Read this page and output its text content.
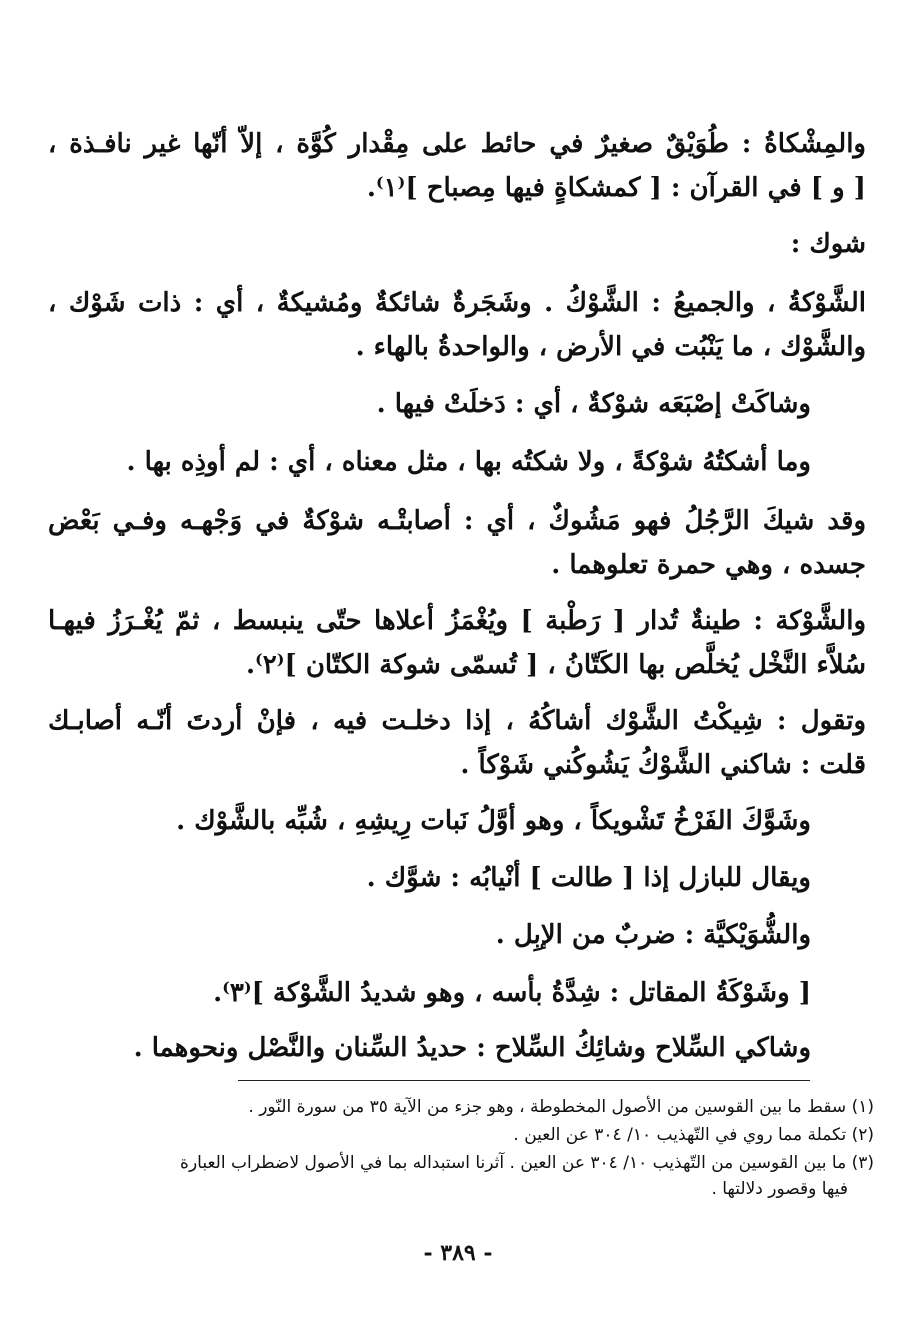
والمِشْكاةُ : طُوَيْقٌ صغيرٌ في حائط على مِقْدار كُوَّة ، إلاّ أنّها غير نافـذة ،
[ و ] في القرآن : [ كمشكاةٍ فيها مِصباح ]⁽١⁾.
شوك :
الشَّوْكةُ ، والجميعُ : الشَّوْكُ . وشَجَرةٌ شائكةٌ ومُشيكةٌ ، أي : ذات شَوْك ،
والشَّوْك ، ما يَنْبُت في الأرض ، والواحدةُ بالهاء .
وشاكَتْ إصْبَعَه شوْكةٌ ، أي : دَخلَتْ فيها .
وما أشكتُهُ شوْكةً ، ولا شكتُه بها ، مثل معناه ، أي : لم أوذِه بها .
وقد شيكَ الرَّجُلُ فهو مَشُوكٌ ، أي : أصابتْـه شوْكةٌ في وَجْهـه وفـي بَعْض
جسده ، وهي حمرة تعلوهما .
والشَّوْكة : طينةٌ تُدار [ رَطْبة ] ويُغْمَزُ أعلاها حتّى ينبسط ، ثمّ يُغْـرَزُ فيهـا
سُلاَّء النَّخْل يُخلَّص بها الكَتّانُ ، [ تُسمّى شوكة الكتّان ]⁽٢⁾.
وتقول : شِيكْتُ الشَّوْك أشاكُهُ ، إذا دخلـت فيه ، فإنْ أردتَ أنّـه أصابـك
قلت : شاكني الشَّوْكُ يَشُوكُني شَوْكاً .
وشَوَّكَ الفَرْخُ تَشْويكاً ، وهو أوَّلُ نَبات رِيشِهِ ، شُبِّه بالشَّوْك .
ويقال للبازل إذا [ طالت ] أنْيابُه : شوَّك .
والشُّوَيْكيَّة : ضربٌ من الإبِل .
[ وشَوْكَةُ المقاتل : شِدَّةُ بأسه ، وهو شديدُ الشَّوْكة ]⁽٣⁾.
وشاكي السِّلاح وشائِكُ السِّلاح : حديدُ السِّنان والنَّصْل ونحوهما .
(١) سقط ما بين القوسين من الأصول المخطوطة ، وهو جزء من الآية ٣٥ من سورة النّور .
(٢) تكملة مما روي في التّهذيب ١٠/ ٣٠٤ عن العين .
(٣) ما بين القوسين من التّهذيب ١٠/ ٣٠٤ عن العين . آثرنا استبداله بما في الأصول لاضطراب العبارة
فيها وقصور دلالتها .
- ٣٨٩ -
